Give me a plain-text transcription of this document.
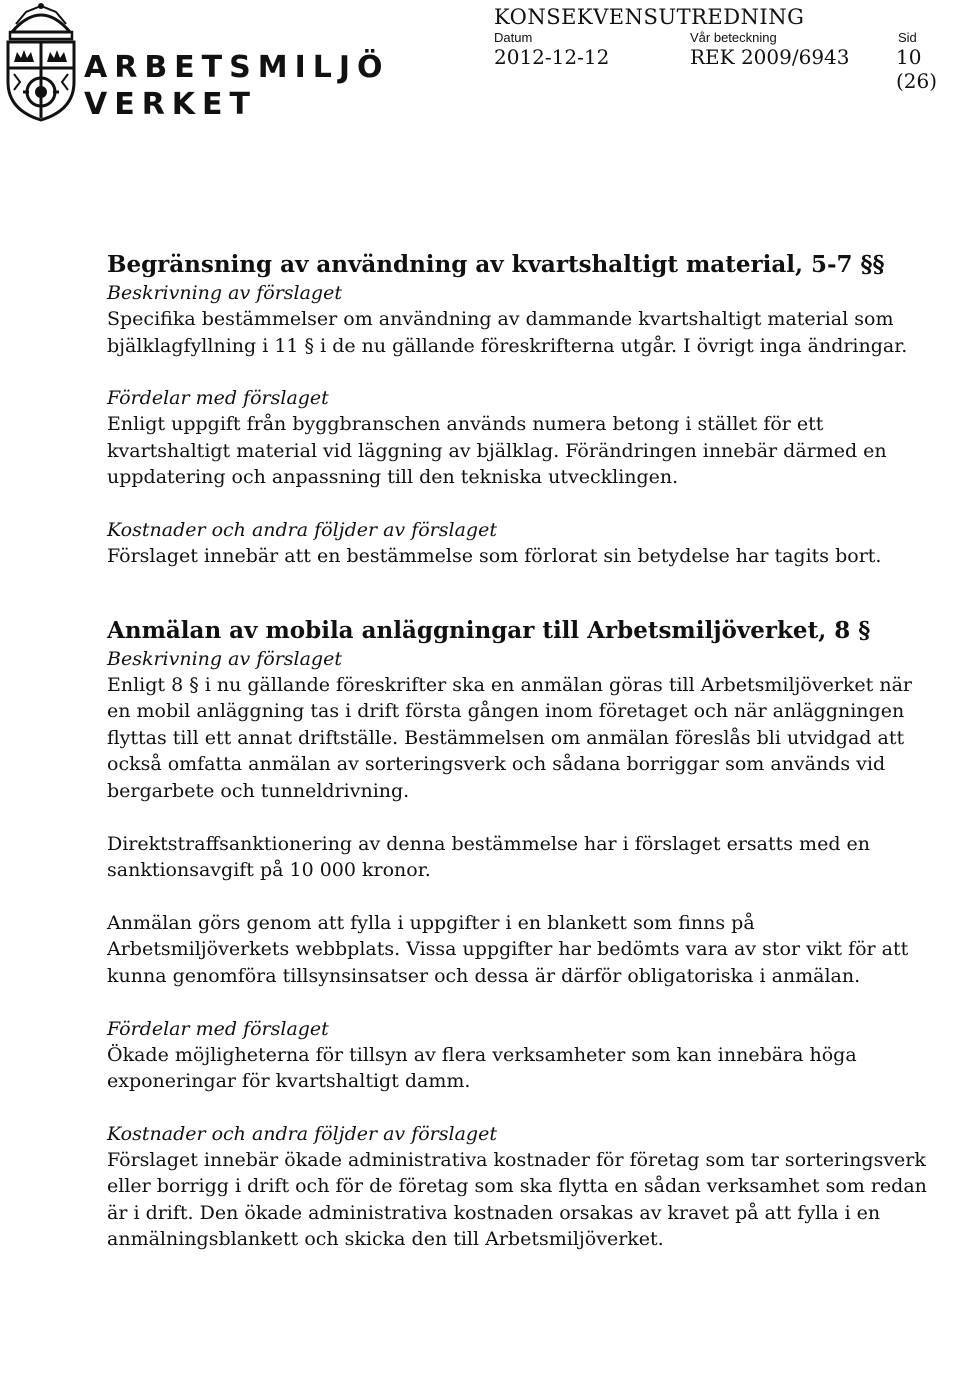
ARBETSMILJÖ
VERKET
KONSEKVENSUTREDNING
Datum
2012-12-12
Vår beteckning
REK 2009/6943
Sid
10 (26)

Begränsning av användning av kvartshaltigt material, 5-7 §§

Beskrivning av förslaget

Specifika bestämmelser om användning av dammande kvartshaltigt material som bjälklagfyllning i 11 § i de nu gällande föreskrifterna utgår. I övrigt inga ändringar.

Fördelar med förslaget

Enligt uppgift från byggbranschen används numera betong i stället för ett kvartshaltigt material vid läggning av bjälklag. Förändringen innebär därmed en uppdatering och anpassning till den tekniska utvecklingen.

Kostnader och andra följder av förslaget

Förslaget innebär att en bestämmelse som förlorat sin betydelse har tagits bort.

Anmälan av mobila anläggningar till Arbetsmiljöverket, 8 §

Beskrivning av förslaget

Enligt 8 § i nu gällande föreskrifter ska en anmälan göras till Arbetsmiljöverket när en mobil anläggning tas i drift första gången inom företaget och när anläggningen flyttas till ett annat driftställe. Bestämmelsen om anmälan föreslås bli utvidgad att också omfatta anmälan av sorteringsverk och sådana borriggar som används vid bergarbete och tunneldrivning.

Direktstraffsanktionering av denna bestämmelse har i förslaget ersatts med en sanktionsavgift på 10 000 kronor.

Anmälan görs genom att fylla i uppgifter i en blankett som finns på Arbetsmiljöverkets webbplats. Vissa uppgifter har bedömts vara av stor vikt för att kunna genomföra tillsynsinsatser och dessa är därför obligatoriska i anmälan.

Fördelar med förslaget

Ökade möjligheterna för tillsyn av flera verksamheter som kan innebära höga exponeringar för kvartshaltigt damm.

Kostnader och andra följder av förslaget

Förslaget innebär ökade administrativa kostnader för företag som tar sorteringsverk eller borrigg i drift och för de företag som ska flytta en sådan verksamhet som redan är i drift. Den ökade administrativa kostnaden orsakas av kravet på att fylla i en anmälningsblankett och skicka den till Arbetsmiljöverket.
